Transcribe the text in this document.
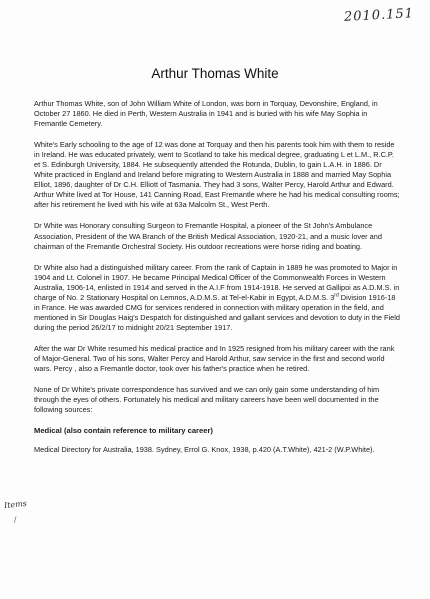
2010.151
Arthur Thomas White

Arthur Thomas White, son of John William White of London, was born in Torquay, Devonshire, England, in October 27 1860. He died in Perth, Western Australia in 1941 and is buried with his wife May Sophia in Fremantle Cemetery.

White's Early schooling to the age of 12 was done at Torquay and then his parents took him with them to reside in Ireland. He was educated privately, went to Scotland to take his medical degree, graduating L et L.M., R.C.P. et S. Edinburgh University, 1884. He subsequently attended the Rotunda, Dublin, to gain L.A.H. in 1886. Dr White practiced in England and Ireland before migrating to Western Australia in 1888 and married May Sophia Elliot, 1896, daughter of Dr C.H. Elliott of Tasmania. They had 3 sons, Walter Percy, Harold Arthur and Edward. Arthur White lived at Tor House, 141 Canning Road, East Fremantle where he had his medical consulting rooms; after his retirement he lived with his wife at 63a Malcolm St., West Perth.

Dr White was Honorary consulting Surgeon to Fremantle Hospital, a pioneer of the St John's Ambulance Association, President of the WA Branch of the British Medical Association, 1920-21, and a music lover and chairman of the Fremantle Orchestral Society. His outdoor recreations were horse riding and boating.

Dr White also had a distinguished military career. From the rank of Captain in 1889 he was promoted to Major in 1904 and Lt. Colonel in 1907. He became Principal Medical Officer of the Commonwealth Forces in Western Australia, 1906-14, enlisted in 1914 and served in the A.I.F from 1914-1918. He served at Gallipoi as A.D.M.S. in charge of No. 2 Stationary Hospital on Lemnos, A.D.M.S. at Tel-el-Kabir in Egypt, A.D.M.S. 3rd Division 1916-18 in France. He was awarded CMG for services rendered in connection with military operation in the field, and mentioned in Sir Douglas Haig's Despatch for distinguished and gallant services and devotion to duty in the Field during the period 26/2/17 to midnight 20/21 September 1917.

After the war Dr White resumed his medical practice and In 1925 resigned from his military career with the rank of Major-General. Two of his sons, Walter Percy and Harold Arthur, saw service in the first and second world wars. Percy , also a Fremantle doctor, took over his father's practice when he retired.

None of Dr White's private correspondence has survived and we can only gain some understanding of him through the eyes of others. Fortunately his medical and military careers have been well documented in the following sources:

Medical (also contain reference to military career)

Medical Directory for Australia, 1938. Sydney, Errol G. Knox, 1938, p.420 (A.T.White), 421-2 (W.P.White).

Items
/
